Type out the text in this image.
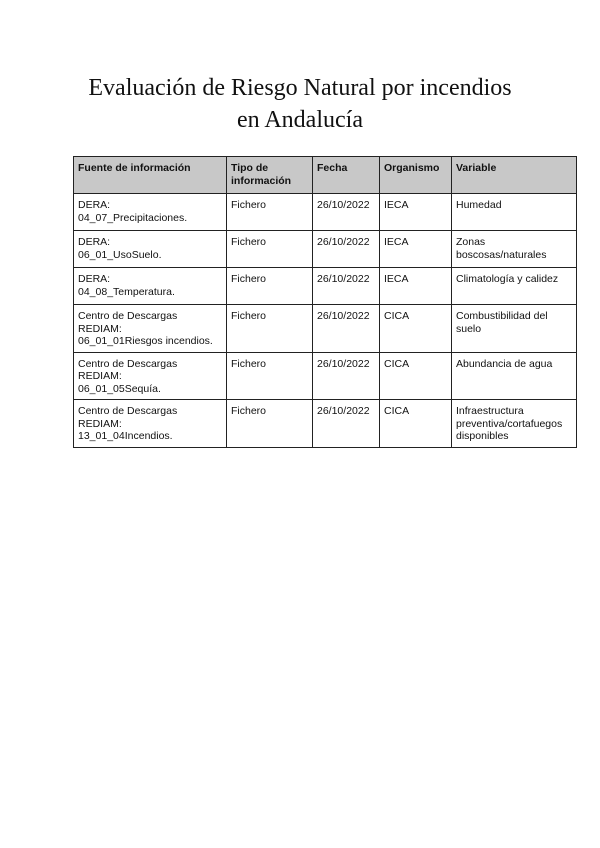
Evaluación de Riesgo Natural por incendios
en Andalucía
Fuente de información	Tipo de información	Fecha	Organismo	Variable

DERA:
04_07_Precipitaciones.	Fichero	26/10/2022	IECA	Humedad

DERA:
06_01_UsoSuelo.	Fichero	26/10/2022	IECA	Zonas boscosas/naturales

DERA:
04_08_Temperatura.	Fichero	26/10/2022	IECA	Climatología y calidez

Centro de Descargas
REDIAM:
06_01_01Riesgos incendios.	Fichero	26/10/2022	CICA	Combustibilidad del suelo

Centro de Descargas
REDIAM:
06_01_05Sequía.	Fichero	26/10/2022	CICA	Abundancia de agua

Centro de Descargas
REDIAM:
13_01_04Incendios.	Fichero	26/10/2022	CICA	Infraestructura preventiva/cortafuegos disponibles
